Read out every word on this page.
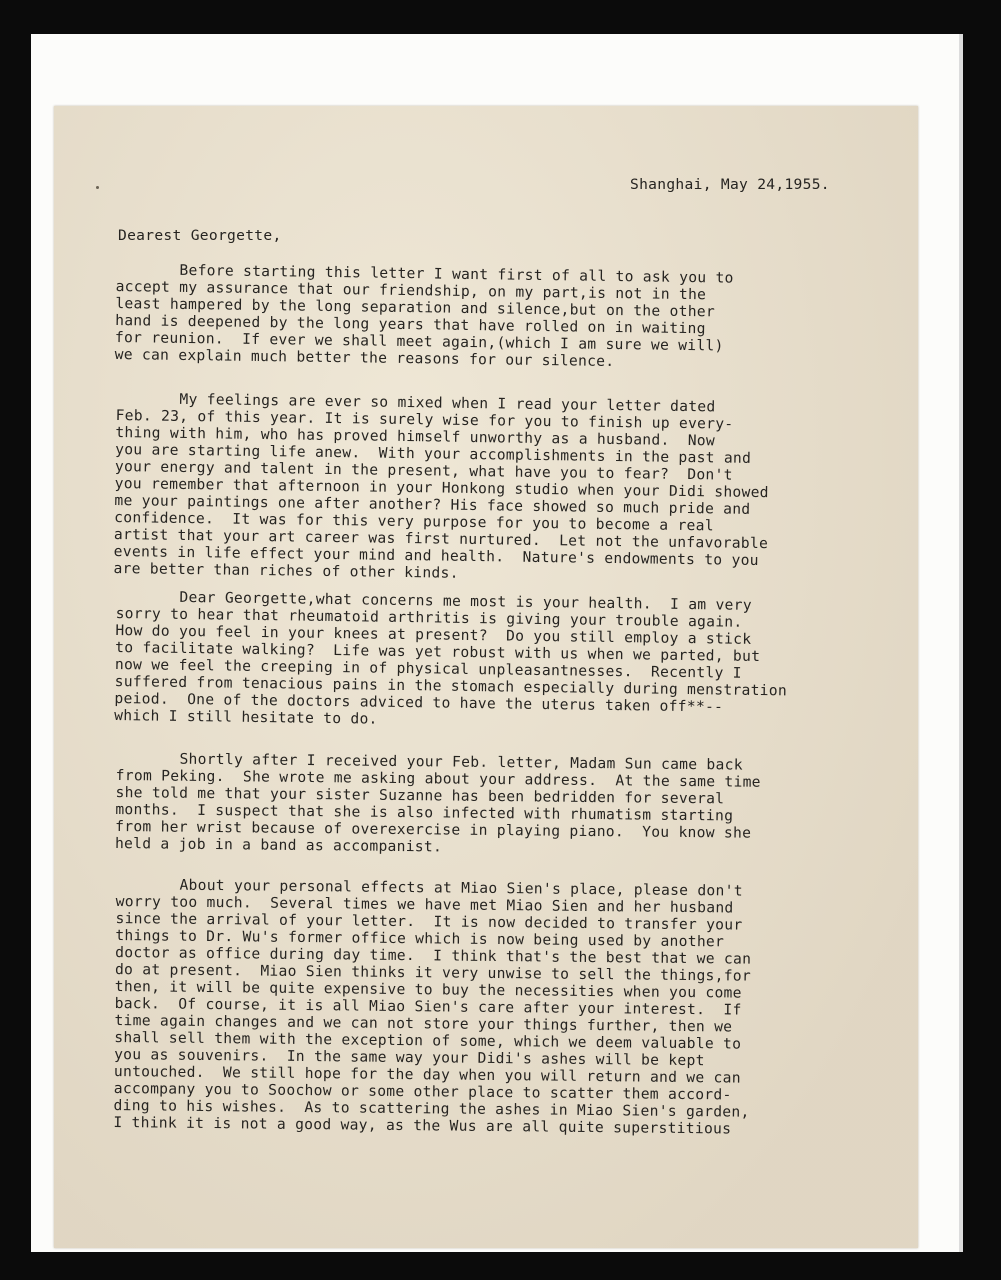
Shanghai, May 24,1955.
Dearest Georgette,

Before starting this letter I want first of all to ask you to
accept my assurance that our friendship, on my part,is not in the
least hampered by the long separation and silence,but on the other
hand is deepened by the long years that have rolled on in waiting
for reunion.  If ever we shall meet again,(which I am sure we will)
we can explain much better the reasons for our silence.

My feelings are ever so mixed when I read your letter dated
Feb. 23, of this year. It is surely wise for you to finish up every-
thing with him, who has proved himself unworthy as a husband.  Now
you are starting life anew.  With your accomplishments in the past and
your energy and talent in the present, what have you to fear?  Don't
you remember that afternoon in your Honkong studio when your Didi showed
me your paintings one after another? His face showed so much pride and
confidence.  It was for this very purpose for you to become a real
artist that your art career was first nurtured.  Let not the unfavorable
events in life effect your mind and health.  Nature's endowments to you
are better than riches of other kinds.

Dear Georgette,what concerns me most is your health.  I am very
sorry to hear that rheumatoid arthritis is giving your trouble again.
How do you feel in your knees at present?  Do you still employ a stick
to facilitate walking?  Life was yet robust with us when we parted, but
now we feel the creeping in of physical unpleasantnesses.  Recently I
suffered from tenacious pains in the stomach especially during menstration
peiod.  One of the doctors adviced to have the uterus taken off**--
which I still hesitate to do.

Shortly after I received your Feb. letter, Madam Sun came back
from Peking.  She wrote me asking about your address.  At the same time
she told me that your sister Suzanne has been bedridden for several
months.  I suspect that she is also infected with rhumatism starting
from her wrist because of overexercise in playing piano.  You know she
held a job in a band as accompanist.

About your personal effects at Miao Sien's place, please don't
worry too much.  Several times we have met Miao Sien and her husband
since the arrival of your letter.  It is now decided to transfer your
things to Dr. Wu's former office which is now being used by another
doctor as office during day time.  I think that's the best that we can
do at present.  Miao Sien thinks it very unwise to sell the things,for
then, it will be quite expensive to buy the necessities when you come
back.  Of course, it is all Miao Sien's care after your interest.  If
time again changes and we can not store your things further, then we
shall sell them with the exception of some, which we deem valuable to
you as souvenirs.  In the same way your Didi's ashes will be kept
untouched.  We still hope for the day when you will return and we can
accompany you to Soochow or some other place to scatter them accord-
ding to his wishes.  As to scattering the ashes in Miao Sien's garden,
I think it is not a good way, as the Wus are all quite superstitious
